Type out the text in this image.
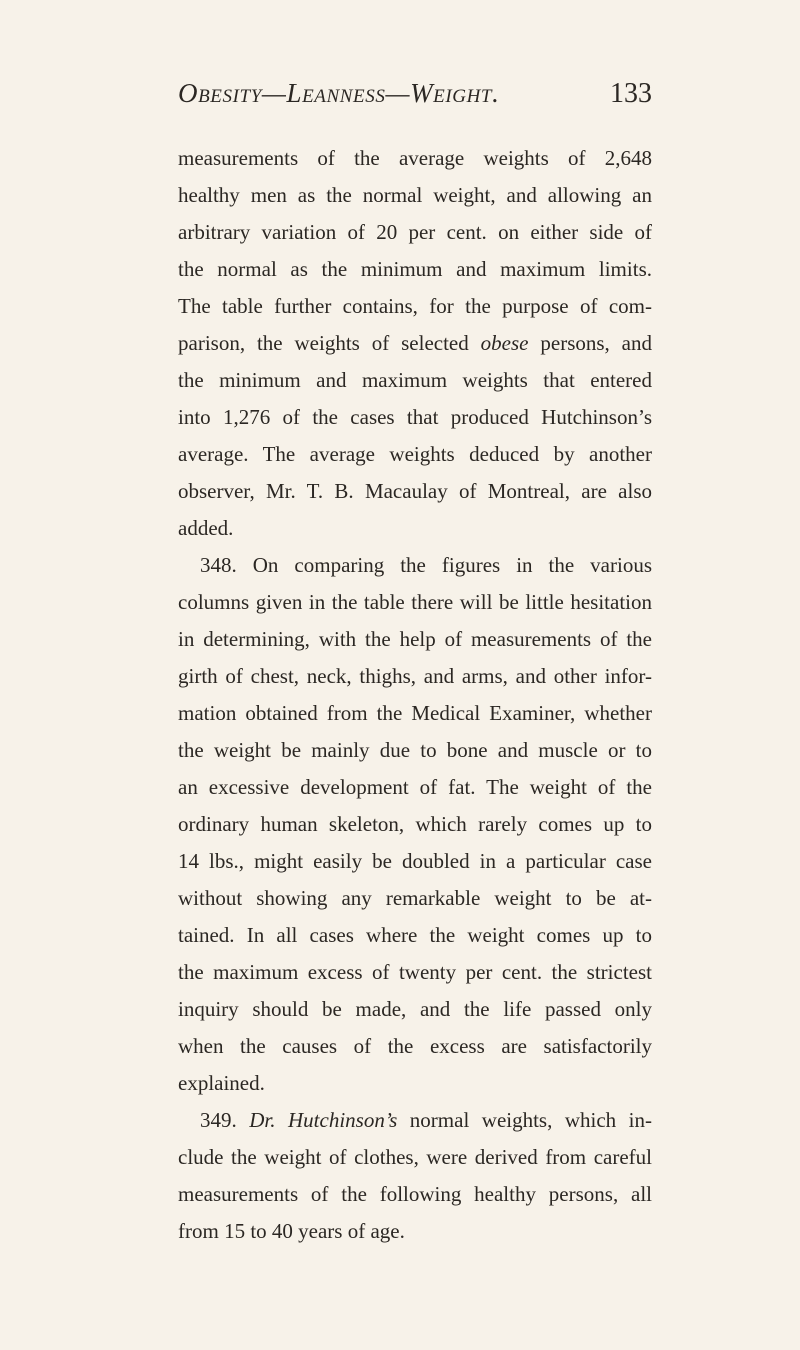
Obesity—Leanness—Weight.	133
measurements of the average weights of 2,648
healthy men as the normal weight, and allowing an
arbitrary variation of 20 per cent. on either side of
the normal as the minimum and maximum limits.
The table further contains, for the purpose of com-
parison, the weights of selected obese persons, and
the minimum and maximum weights that entered
into 1,276 of the cases that produced Hutchinson’s
average. The average weights deduced by another
observer, Mr. T. B. Macaulay of Montreal, are also
added.
348. On comparing the figures in the various
columns given in the table there will be little hesitation
in determining, with the help of measurements of the
girth of chest, neck, thighs, and arms, and other infor-
mation obtained from the Medical Examiner, whether
the weight be mainly due to bone and muscle or to
an excessive development of fat. The weight of the
ordinary human skeleton, which rarely comes up to
14 lbs., might easily be doubled in a particular case
without showing any remarkable weight to be at-
tained. In all cases where the weight comes up to
the maximum excess of twenty per cent. the strictest
inquiry should be made, and the life passed only
when the causes of the excess are satisfactorily
explained.
349. Dr. Hutchinson’s normal weights, which in-
clude the weight of clothes, were derived from careful
measurements of the following healthy persons, all
from 15 to 40 years of age.
